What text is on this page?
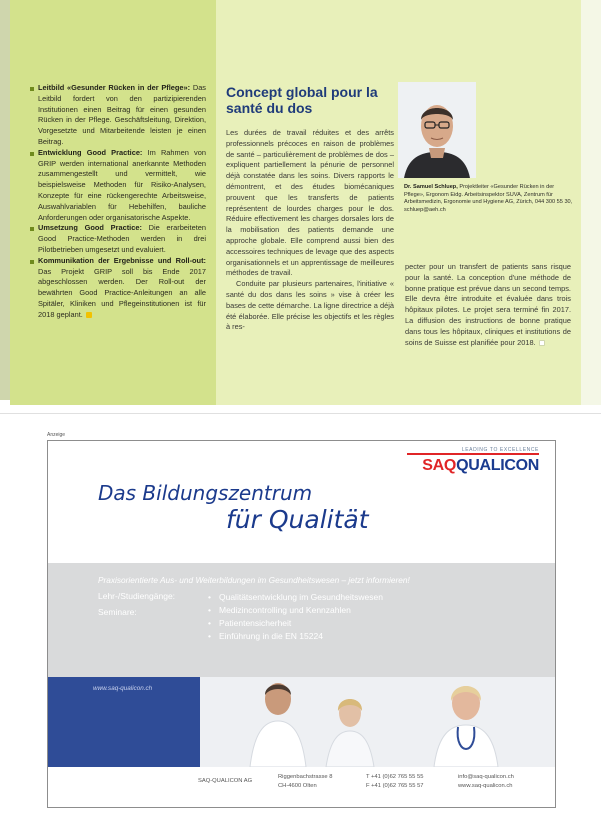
Leitbild «Gesunder Rücken in der Pflege»: Das Leitbild fordert von den partizipierenden Institutionen einen Beitrag für einen gesunden Rücken in der Pflege. Geschäftsleitung, Direktion, Vorgesetzte und Mitarbeitende leisten je einen Beitrag.
Entwicklung Good Practice: Im Rahmen von GRIP werden international anerkannte Methoden zusammengestellt und vermittelt, wie beispielsweise Methoden für Risiko-Analysen, Konzepte für eine rückengerechte Arbeitsweise, Auswahlvariablen für Hebehilfen, bauliche Anforderungen oder organisatorische Aspekte.
Umsetzung Good Practice: Die erarbeiteten Good Practice-Methoden werden in drei Pilotbetrieben umgesetzt und evaluiert.
Kommunikation der Ergebnisse und Roll-out: Das Projekt GRIP soll bis Ende 2017 abgeschlossen werden. Der Roll-out der bewährten Good Practice-Anleitungen an alle Spitäler, Kliniken und Pflegeinstitutionen ist für 2018 geplant.
Concept global pour la santé du dos

Les durées de travail réduites et des arrêts professionnels précoces en raison de problèmes de santé – particulièrement de problèmes de dos – expliquent partiellement la pénurie de personnel déjà constatée dans les soins. Divers rapports le démontrent, et des études biomécaniques prouvent que les transferts de patients représentent de lourdes charges pour le dos. Réduire effectivement les charges dorsales lors de la mobilisation des patients demande une approche globale. Elle comprend aussi bien des accessoires techniques de levage que des aspects organisationnels et un apprentissage de meilleures méthodes de travail.

Conduite par plusieurs partenaires, l'initiative « santé du dos dans les soins » vise à créer les bases de cette démarche. La ligne directrice a déjà été élaborée. Elle précise les objectifs et les règles à res-

Dr. Samuel Schluep, Projektleiter «Gesunder Rücken in der Pflege», Ergonom Eidg. Arbeitsinspektor SUVA, Zentrum für Arbeitsmedizin, Ergonomie und Hygiene AG, Zürich, 044 300 55 30, schluep@aeh.ch
pecter pour un transfert de patients sans risque pour la santé. La conception d'une méthode de bonne pratique est prévue dans un second temps. Elle devra être introduite et évaluée dans trois hôpitaux pilotes. Le projet sera terminé fin 2017. La diffusion des instructions de bonne pratique dans tous les hôpitaux, cliniques et institutions de soins de Suisse est planifiée pour 2018.
Anzeige
LEADING TO EXCELLENCE
SAQQUALICON
Das Bildungszentrum
für Qualität
Praxisorientierte Aus- und Weiterbildungen im Gesundheitswesen – jetzt informieren!
Lehr-/Studiengänge:
Seminare:
• Qualitätsentwicklung im Gesundheitswesen
• Medizincontrolling und Kennzahlen
• Patientensicherheit
• Einführung in die EN 15224
www.saq-qualicon.ch
SAQ-QUALICON AG
Riggenbachstrasse 8
CH-4600 Olten
T +41 (0)62 765 55 55
F +41 (0)62 765 55 57
info@saq-qualicon.ch
www.saq-qualicon.ch
